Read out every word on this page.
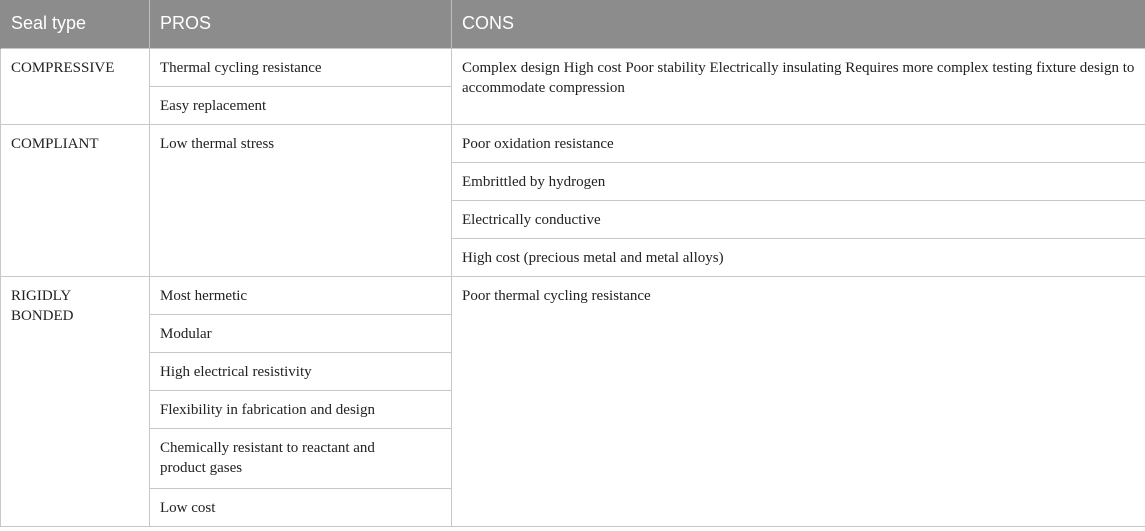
Seal type	PROS	CONS
COMPRESSIVE	Thermal cycling resistance	Complex design High cost Poor stability Electrically insulating Requires more complex testing fixture design to accommodate compression
	Easy replacement	
COMPLIANT	Low thermal stress	Poor oxidation resistance
		Embrittled by hydrogen
		Electrically conductive
		High cost (precious metal and metal alloys)
RIGIDLY BONDED	Most hermetic	Poor thermal cycling resistance
	Modular	
	High electrical resistivity	
	Flexibility in fabrication and design	
	Chemically resistant to reactant and product gases	
	Low cost	
